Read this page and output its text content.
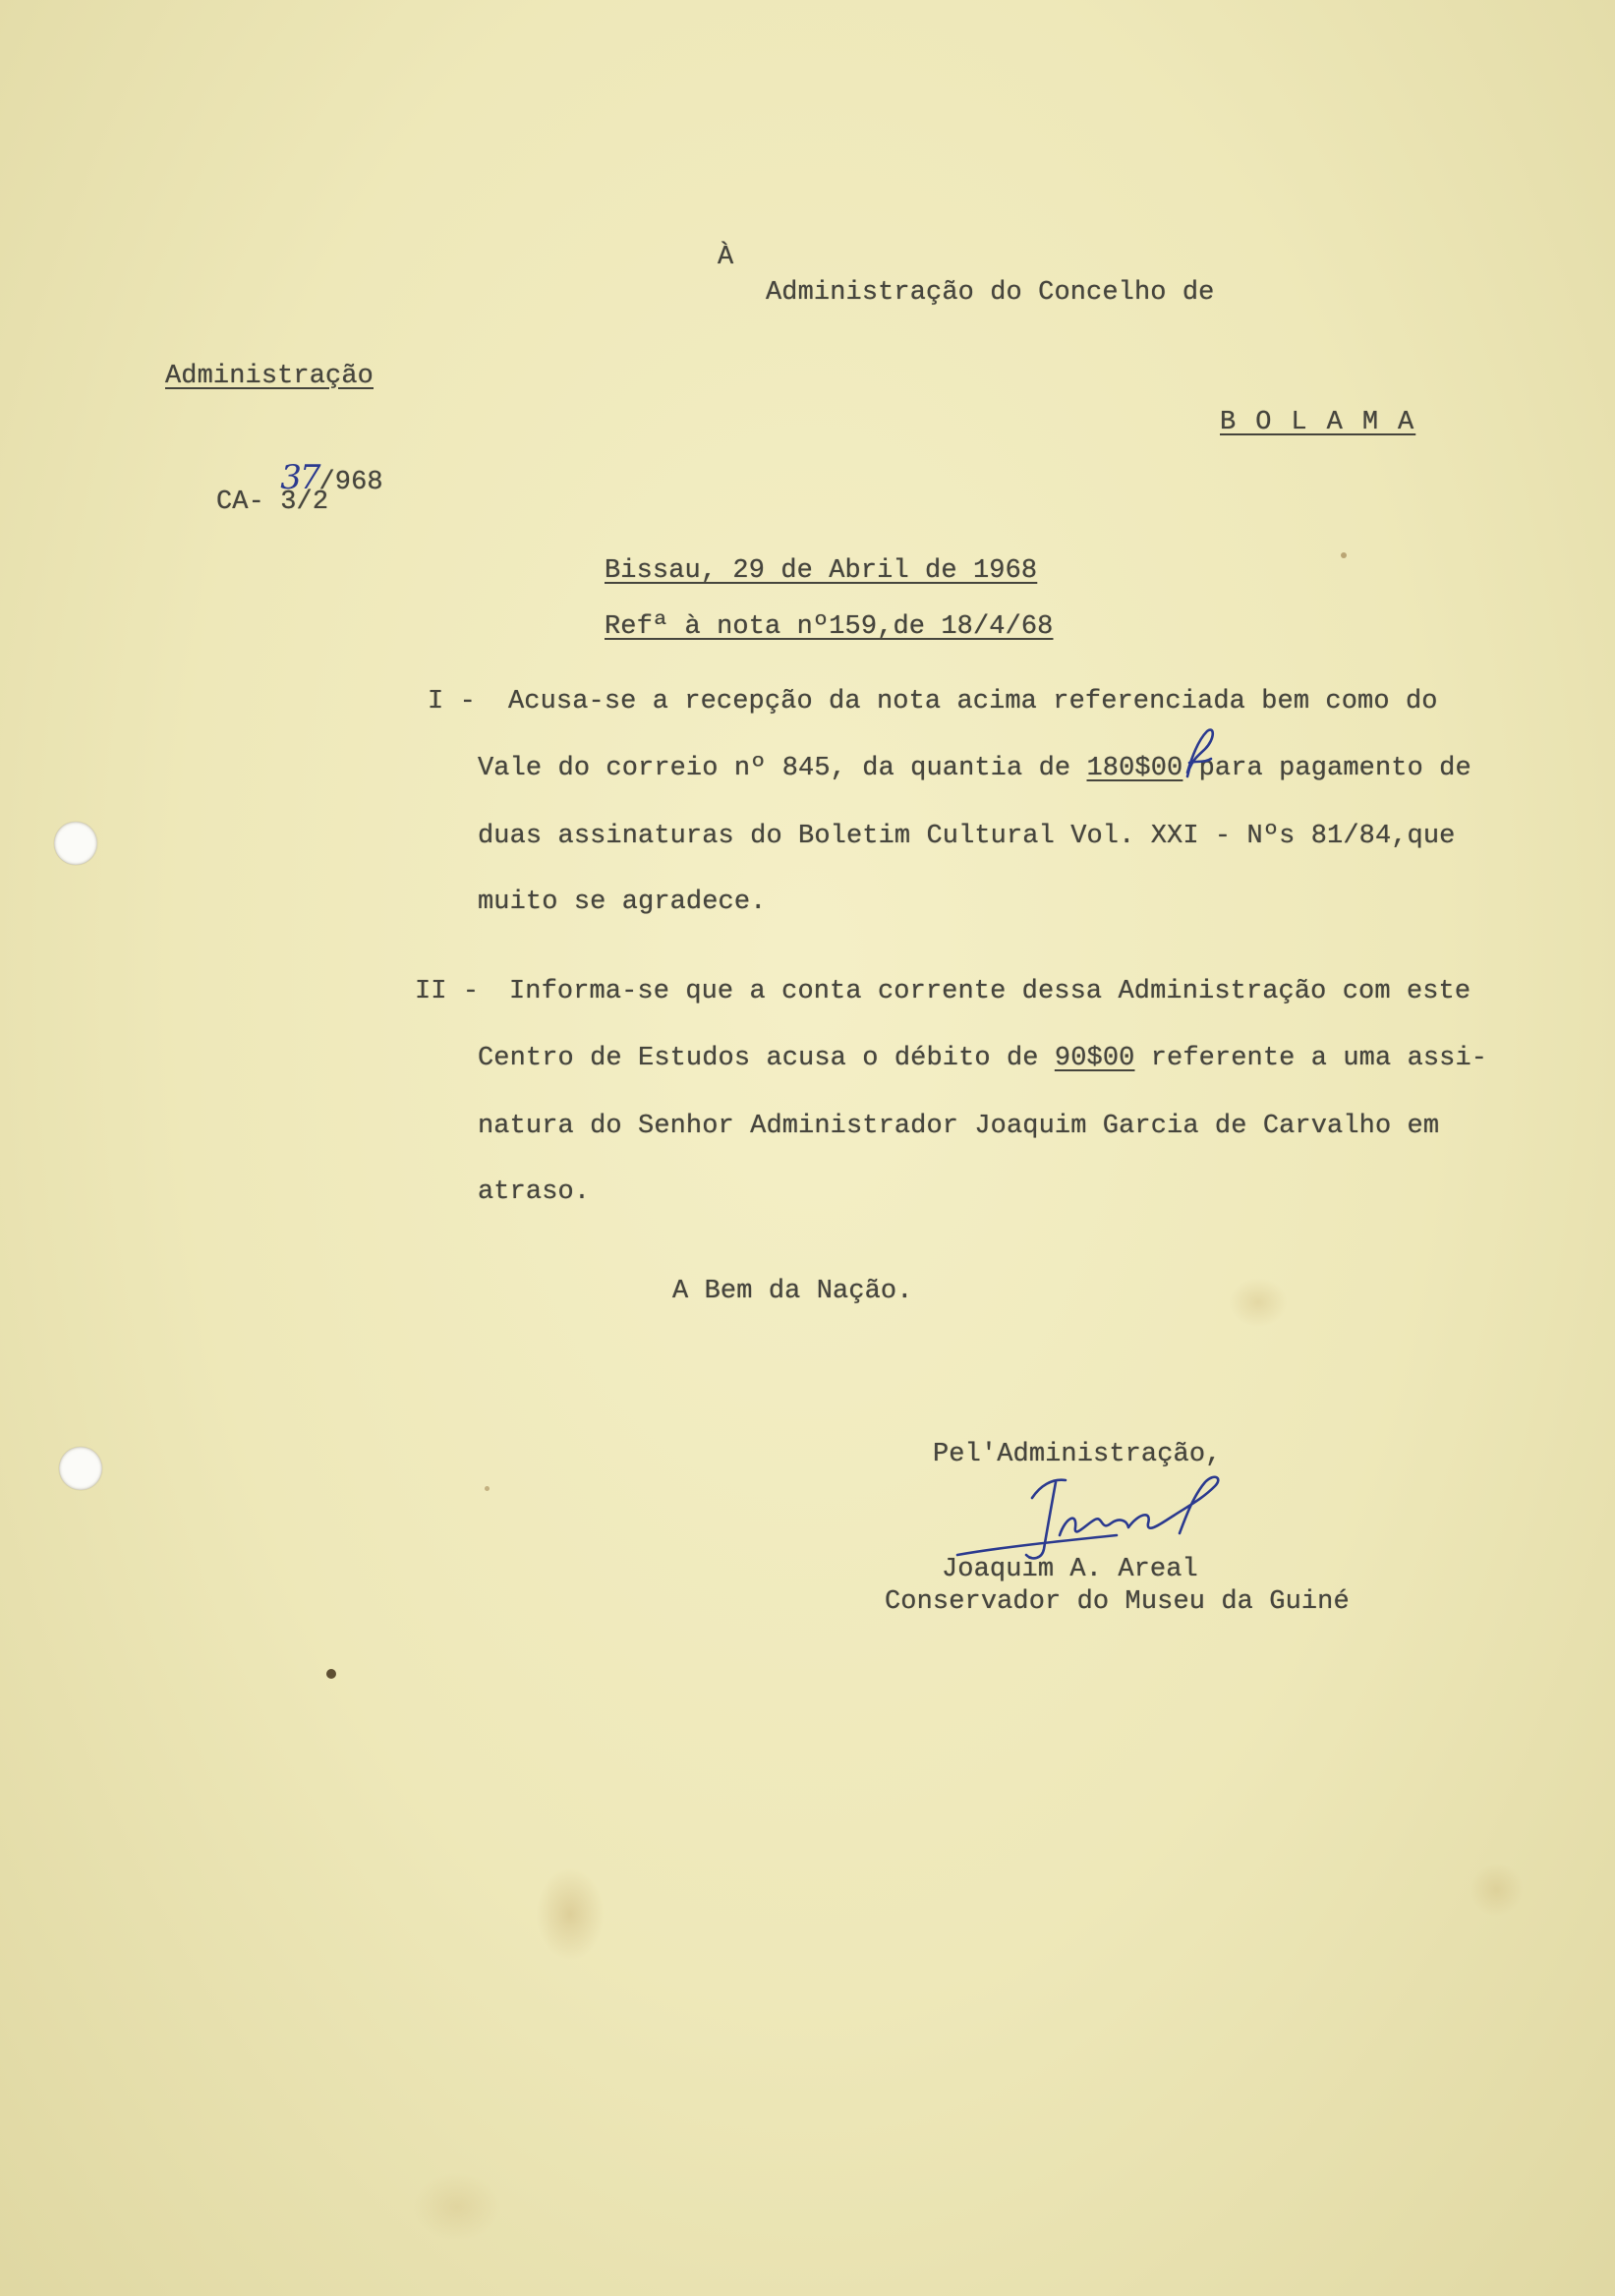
À
Administração do Concelho de
B O L A M A
Administração

37/968

CA- 3/2
Bissau, 29 de Abril de 1968
Refª à nota nº159,de 18/4/68
I - Acusa-se a recepção da nota acima referenciada bem como do
Vale do correio nº 845, da quantia de 180$00 para pagamento de
duas assinaturas do Boletim Cultural Vol. XXI - Nºs 81/84,que
muito se agradece.
II - Informa-se que a conta corrente dessa Administração com este
Centro de Estudos acusa o débito de 90$00 referente a uma assi-
natura do Senhor Administrador Joaquim Garcia de Carvalho em
atraso.
A Bem da Nação.
Pel'Administração,
Joaquim A. Areal
Conservador do Museu da Guiné
